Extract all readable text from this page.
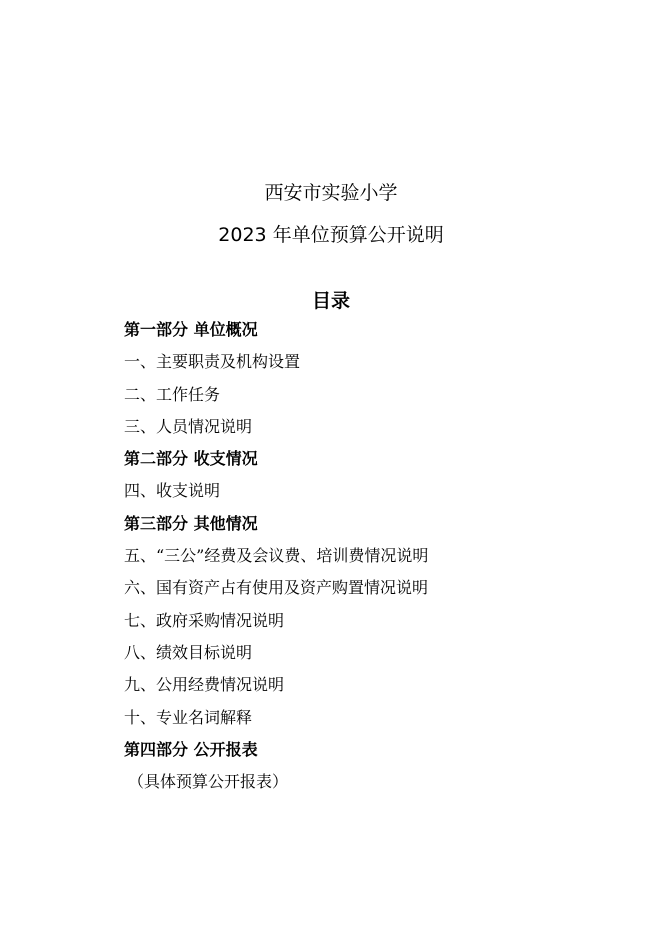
西安市实验小学
2023 年单位预算公开说明
目录
第一部分 单位概况
一、主要职责及机构设置
二、工作任务
三、人员情况说明
第二部分 收支情况
四、收支说明
第三部分 其他情况
五、“三公”经费及会议费、培训费情况说明
六、国有资产占有使用及资产购置情况说明
七、政府采购情况说明
八、绩效目标说明
九、公用经费情况说明
十、专业名词解释
第四部分 公开报表
（具体预算公开报表）
